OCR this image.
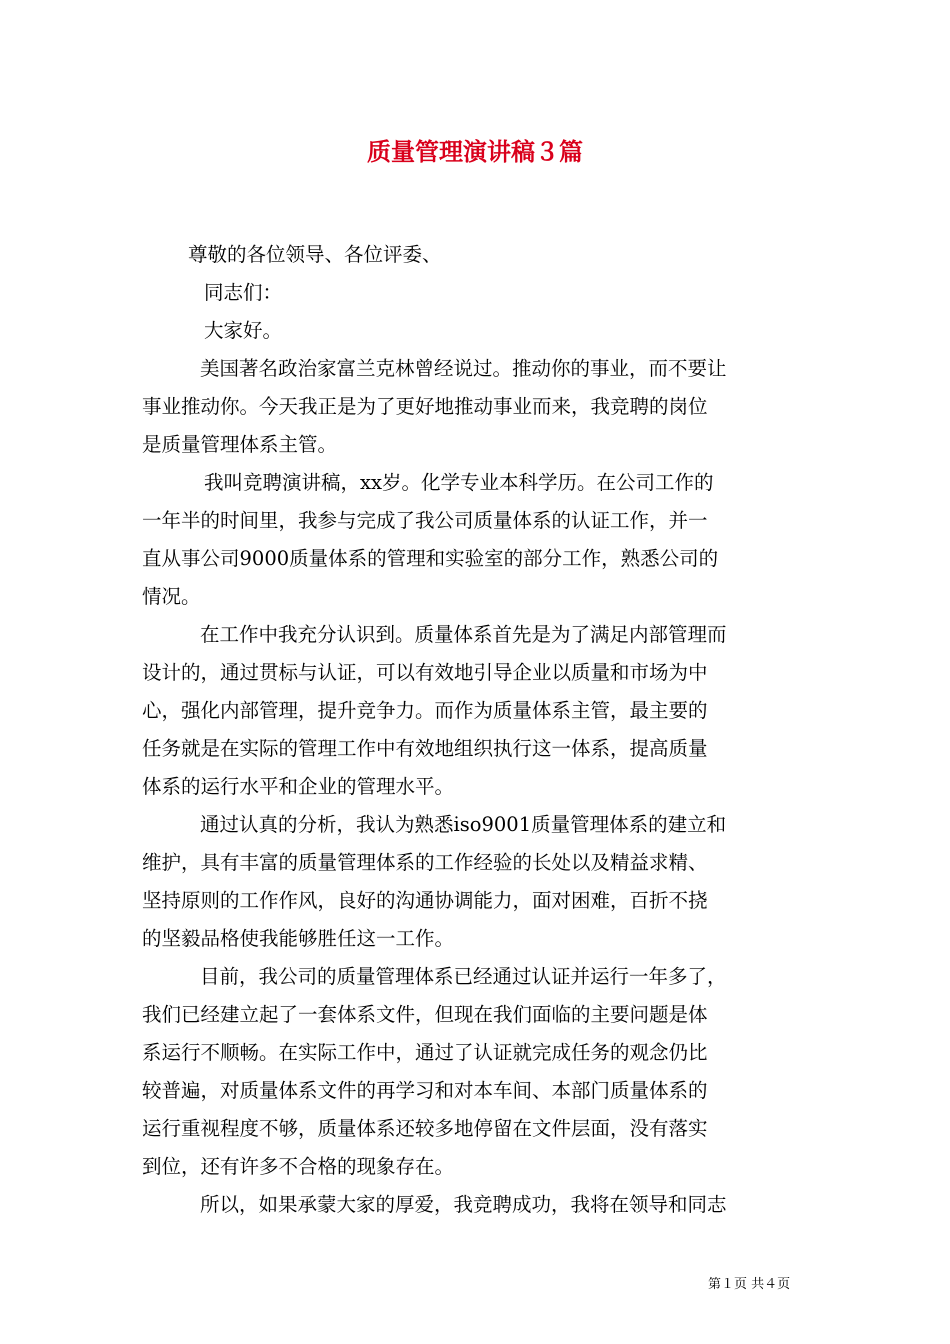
质量管理演讲稿３篇
尊敬的各位领导、各位评委、
同志们：
大家好。
美国著名政治家富兰克林曾经说过。推动你的事业，而不要让
事业推动你。今天我正是为了更好地推动事业而来，我竞聘的岗位
是质量管理体系主管。
我叫竞聘演讲稿，xx岁。化学专业本科学历。在公司工作的
一年半的时间里，我参与完成了我公司质量体系的认证工作，并一
直从事公司9000质量体系的管理和实验室的部分工作，熟悉公司的
情况。
在工作中我充分认识到。质量体系首先是为了满足内部管理而
设计的，通过贯标与认证，可以有效地引导企业以质量和市场为中
心，强化内部管理，提升竞争力。而作为质量体系主管，最主要的
任务就是在实际的管理工作中有效地组织执行这一体系，提高质量
体系的运行水平和企业的管理水平。
通过认真的分析，我认为熟悉iso9001质量管理体系的建立和
维护，具有丰富的质量管理体系的工作经验的长处以及精益求精、
坚持原则的工作作风，良好的沟通协调能力，面对困难，百折不挠
的坚毅品格使我能够胜任这一工作。
目前，我公司的质量管理体系已经通过认证并运行一年多了，
我们已经建立起了一套体系文件，但现在我们面临的主要问题是体
系运行不顺畅。在实际工作中，通过了认证就完成任务的观念仍比
较普遍，对质量体系文件的再学习和对本车间、本部门质量体系的
运行重视程度不够，质量体系还较多地停留在文件层面，没有落实
到位，还有许多不合格的现象存在。
所以，如果承蒙大家的厚爱，我竞聘成功，我将在领导和同志
第１页 共４页
